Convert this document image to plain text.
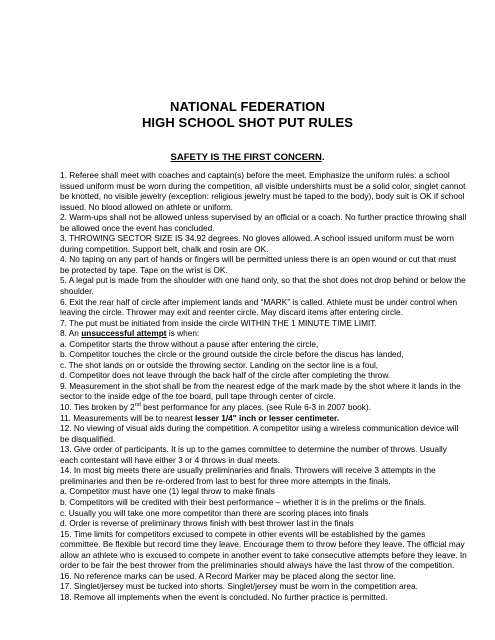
NATIONAL FEDERATION
HIGH SCHOOL SHOT PUT RULES
SAFETY IS THE FIRST CONCERN.

1. Referee shall meet with coaches and captain(s) before the meet. Emphasize the uniform rules: a school issued uniform must be worn during the competition, all visible undershirts must be a solid color, singlet cannot be knotted, no visible jewelry (exception: religious jewelry must be taped to the body), body suit is OK if school issued. No blood allowed on athlete or uniform.

2. Warm-ups shall not be allowed unless supervised by an official or a coach. No further practice throwing shall be allowed once the event has concluded.

3. THROWING SECTOR SIZE IS 34.92 degrees. No gloves allowed. A school issued uniform must be worn during competition. Support belt, chalk and rosin are OK.

4. No taping on any part of hands or fingers will be permitted unless there is an open wound or cut that must be protected by tape. Tape on the wrist is OK.

5. A legal put is made from the shoulder with one hand only, so that the shot does not drop behind or below the shoulder.

6. Exit the rear half of circle after implement lands and “MARK” is called. Athlete must be under control when leaving the circle. Thrower may exit and reenter circle. May discard items after entering circle.

7. The put must be initiated from inside the circle WITHIN THE 1 MINUTE TIME LIMIT.

8. An unsuccessful attempt is when:

a. Competitor starts the throw without a pause after entering the circle,

b. Competitor touches the circle or the ground outside the circle before the discus has landed,

c. The shot lands on or outside the throwing sector. Landing on the sector line is a foul,

d. Competitor does not leave through the back half of the circle after completing the throw.

9. Measurement in the shot shall be from the nearest edge of the mark made by the shot where it lands in the sector to the inside edge of the toe board, pull tape through center of circle.

10. Ties broken by 2nd best performance for any places. (see Rule 6-3 in 2007 book).

11. Measurements will be to nearest lesser 1/4" inch or lesser centimeter.

12. No viewing of visual aids during the competition. A competitor using a wireless communication device will be disqualified.

13. Give order of participants. It is up to the games committee to determine the number of throws. Usually each contestant will have either 3 or 4 throws in dual meets.

14. In most big meets there are usually preliminaries and finals. Throwers will receive 3 attempts in the preliminaries and then be re-ordered from last to best for three more attempts in the finals.

a. Competitor must have one (1) legal throw to make finals

b. Competitors will be credited with their best performance – whether it is in the prelims or the finals.

c. Usually you will take one more competitor than there are scoring places into finals

d. Order is reverse of preliminary throws finish with best thrower last in the finals

15. Time limits for competitors excused to compete in other events will be established by the games committee. Be flexible but record time they leave. Encourage them to throw before they leave. The official may allow an athlete who is excused to compete in another event to take consecutive attempts before they leave. In order to be fair the best thrower from the preliminaries should always have the last throw of the competition.

16. No reference marks can be used. A Record Marker may be placed along the sector line.

17. Singlet/jersey must be tucked into shorts. Singlet/jersey must be worn in the competition area.

18. Remove all implements when the event is concluded. No further practice is permitted.
